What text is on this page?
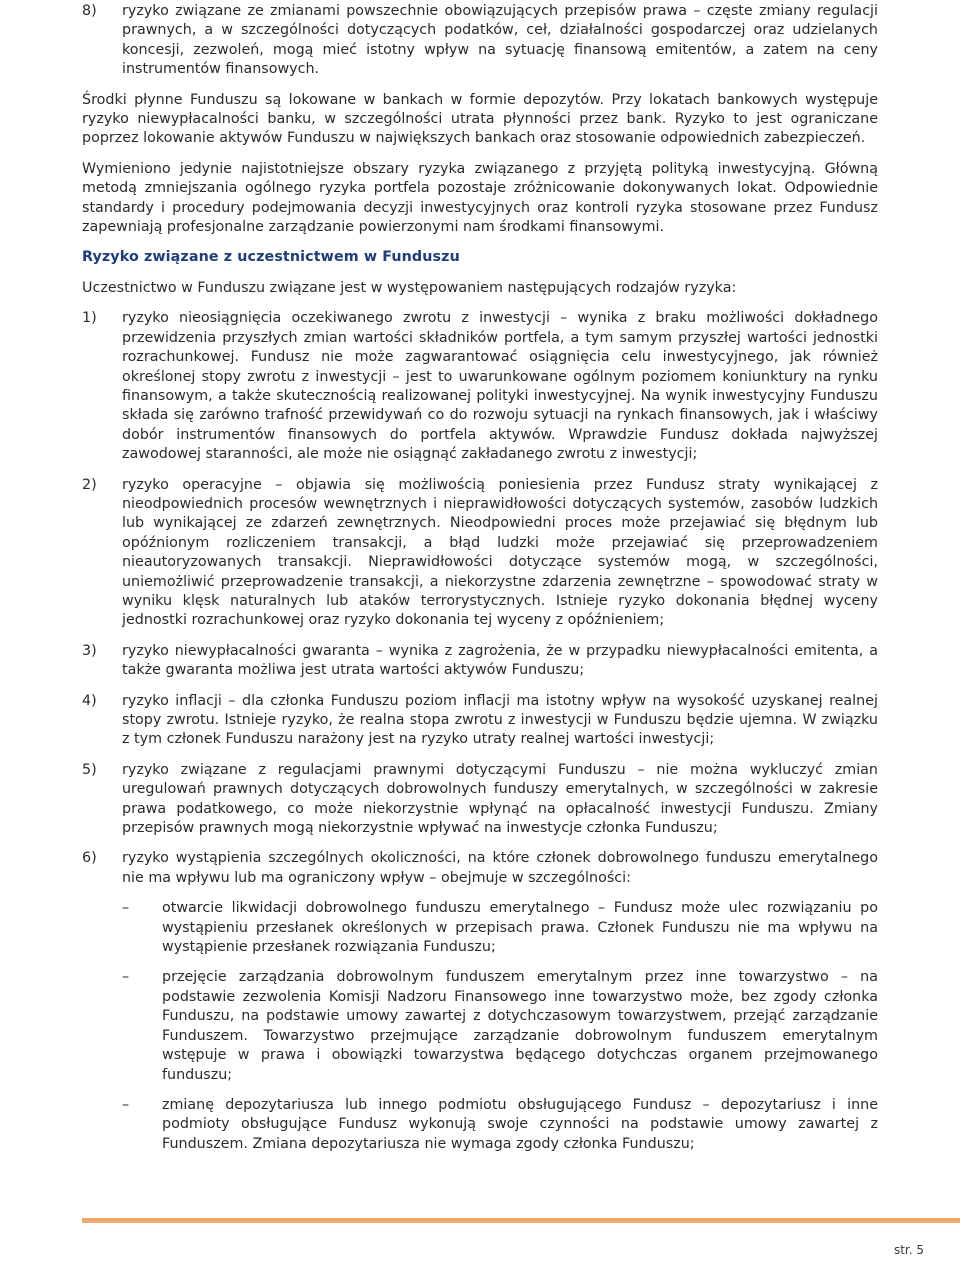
8) ryzyko związane ze zmianami powszechnie obowiązujących przepisów prawa – częste zmiany regulacji prawnych, a w szczególności dotyczących podatków, ceł, działalności gospodarczej oraz udzielanych koncesji, zezwoleń, mogą mieć istotny wpływ na sytuację finansową emitentów, a zatem na ceny instrumentów finansowych.

Środki płynne Funduszu są lokowane w bankach w formie depozytów. Przy lokatach bankowych występuje ryzyko niewypłacalności banku, w szczególności utrata płynności przez bank. Ryzyko to jest ograniczane poprzez lokowanie aktywów Funduszu w największych bankach oraz stosowanie odpowiednich zabezpieczeń.

Wymieniono jedynie najistotniejsze obszary ryzyka związanego z przyjętą polityką inwestycyjną. Główną metodą zmniejszania ogólnego ryzyka portfela pozostaje zróżnicowanie dokonywanych lokat. Odpowiednie standardy i procedury podejmowania decyzji inwestycyjnych oraz kontroli ryzyka stosowane przez Fundusz zapewniają profesjonalne zarządzanie powierzonymi nam środkami finansowymi.

Ryzyko związane z uczestnictwem w Funduszu

Uczestnictwo w Funduszu związane jest w występowaniem następujących rodzajów ryzyka:

1) ryzyko nieosiągnięcia oczekiwanego zwrotu z inwestycji – wynika z braku możliwości dokładnego przewidzenia przyszłych zmian wartości składników portfela, a tym samym przyszłej wartości jednostki rozrachunkowej. Fundusz nie może zagwarantować osiągnięcia celu inwestycyjnego, jak również określonej stopy zwrotu z inwestycji – jest to uwarunkowane ogólnym poziomem koniunktury na rynku finansowym, a także skutecznością realizowanej polityki inwestycyjnej. Na wynik inwestycyjny Funduszu składa się zarówno trafność przewidywań co do rozwoju sytuacji na rynkach finansowych, jak i właściwy dobór instrumentów finansowych do portfela aktywów. Wprawdzie Fundusz dokłada najwyższej zawodowej staranności, ale może nie osiągnąć zakładanego zwrotu z inwestycji;
2) ryzyko operacyjne – objawia się możliwością poniesienia przez Fundusz straty wynikającej z nieodpowiednich procesów wewnętrznych i nieprawidłowości dotyczących systemów, zasobów ludzkich lub wynikającej ze zdarzeń zewnętrznych. Nieodpowiedni proces może przejawiać się błędnym lub opóźnionym rozliczeniem transakcji, a błąd ludzki może przejawiać się przeprowadzeniem nieautoryzowanych transakcji. Nieprawidłowości dotyczące systemów mogą, w szczególności, uniemożliwić przeprowadzenie transakcji, a niekorzystne zdarzenia zewnętrzne – spowodować straty w wyniku klęsk naturalnych lub ataków terrorystycznych. Istnieje ryzyko dokonania błędnej wyceny jednostki rozrachunkowej oraz ryzyko dokonania tej wyceny z opóźnieniem;
3) ryzyko niewypłacalności gwaranta – wynika z zagrożenia, że w przypadku niewypłacalności emitenta, a także gwaranta możliwa jest utrata wartości aktywów Funduszu;
4) ryzyko inflacji – dla członka Funduszu poziom inflacji ma istotny wpływ na wysokość uzyskanej realnej stopy zwrotu. Istnieje ryzyko, że realna stopa zwrotu z inwestycji w Funduszu będzie ujemna. W związku z tym członek Funduszu narażony jest na ryzyko utraty realnej wartości inwestycji;
5) ryzyko związane z regulacjami prawnymi dotyczącymi Funduszu – nie można wykluczyć zmian uregulowań prawnych dotyczących dobrowolnych funduszy emerytalnych, w szczególności w zakresie prawa podatkowego, co może niekorzystnie wpłynąć na opłacalność inwestycji Funduszu. Zmiany przepisów prawnych mogą niekorzystnie wpływać na inwestycje członka Funduszu;
6) ryzyko wystąpienia szczególnych okoliczności, na które członek dobrowolnego funduszu emerytalnego nie ma wpływu lub ma ograniczony wpływ – obejmuje w szczególności:
– otwarcie likwidacji dobrowolnego funduszu emerytalnego – Fundusz może ulec rozwiązaniu po wystąpieniu przesłanek określonych w przepisach prawa. Członek Funduszu nie ma wpływu na wystąpienie przesłanek rozwiązania Funduszu;
– przejęcie zarządzania dobrowolnym funduszem emerytalnym przez inne towarzystwo – na podstawie zezwolenia Komisji Nadzoru Finansowego inne towarzystwo może, bez zgody członka Funduszu, na podstawie umowy zawartej z dotychczasowym towarzystwem, przejąć zarządzanie Funduszem. Towarzystwo przejmujące zarządzanie dobrowolnym funduszem emerytalnym wstępuje w prawa i obowiązki towarzystwa będącego dotychczas organem przejmowanego funduszu;
– zmianę depozytariusza lub innego podmiotu obsługującego Fundusz – depozytariusz i inne podmioty obsługujące Fundusz wykonują swoje czynności na podstawie umowy zawartej z Funduszem. Zmiana depozytariusza nie wymaga zgody członka Funduszu;
str. 5
